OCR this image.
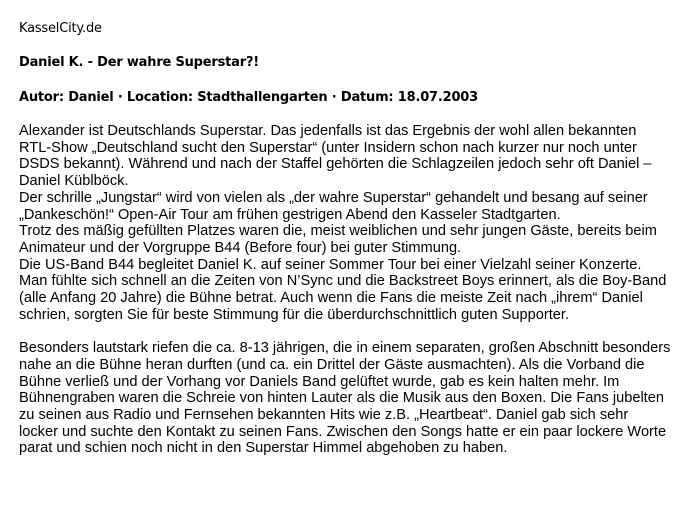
KasselCity.de
Daniel K. - Der wahre Superstar?!
Autor: Daniel · Location: Stadthallengarten · Datum: 18.07.2003

Alexander ist Deutschlands Superstar. Das jedenfalls ist das Ergebnis der wohl allen bekannten RTL-Show „Deutschland sucht den Superstar“ (unter Insidern schon nach kurzer nur noch unter DSDS bekannt). Während und nach der Staffel gehörten die Schlagzeilen jedoch sehr oft Daniel – Daniel Küblböck.

Der schrille „Jungstar“ wird von vielen als „der wahre Superstar“ gehandelt und besang auf seiner „Dankeschön!“ Open-Air Tour am frühen gestrigen Abend den Kasseler Stadtgarten.

Trotz des mäßig gefüllten Platzes waren die, meist weiblichen und sehr jungen Gäste, bereits beim Animateur und der Vorgruppe B44 (Before four) bei guter Stimmung.

Die US-Band B44 begleitet Daniel K. auf seiner Sommer Tour bei einer Vielzahl seiner Konzerte. Man fühlte sich schnell an die Zeiten von N’Sync und die Backstreet Boys erinnert, als die Boy-Band (alle Anfang 20 Jahre) die Bühne betrat. Auch wenn die Fans die meiste Zeit nach „ihrem“ Daniel schrien, sorgten Sie für beste Stimmung für die überdurchschnittlich guten Supporter.

Besonders lautstark riefen die ca. 8-13 jährigen, die in einem separaten, großen Abschnitt besonders nahe an die Bühne heran durften (und ca. ein Drittel der Gäste ausmachten). Als die Vorband die Bühne verließ und der Vorhang vor Daniels Band gelüftet wurde, gab es kein halten mehr. Im Bühnengraben waren die Schreie von hinten Lauter als die Musik aus den Boxen. Die Fans jubelten zu seinen aus Radio und Fernsehen bekannten Hits wie z.B. „Heartbeat“. Daniel gab sich sehr locker und suchte den Kontakt zu seinen Fans. Zwischen den Songs hatte er ein paar lockere Worte parat und schien noch nicht in den Superstar Himmel abgehoben zu haben.
